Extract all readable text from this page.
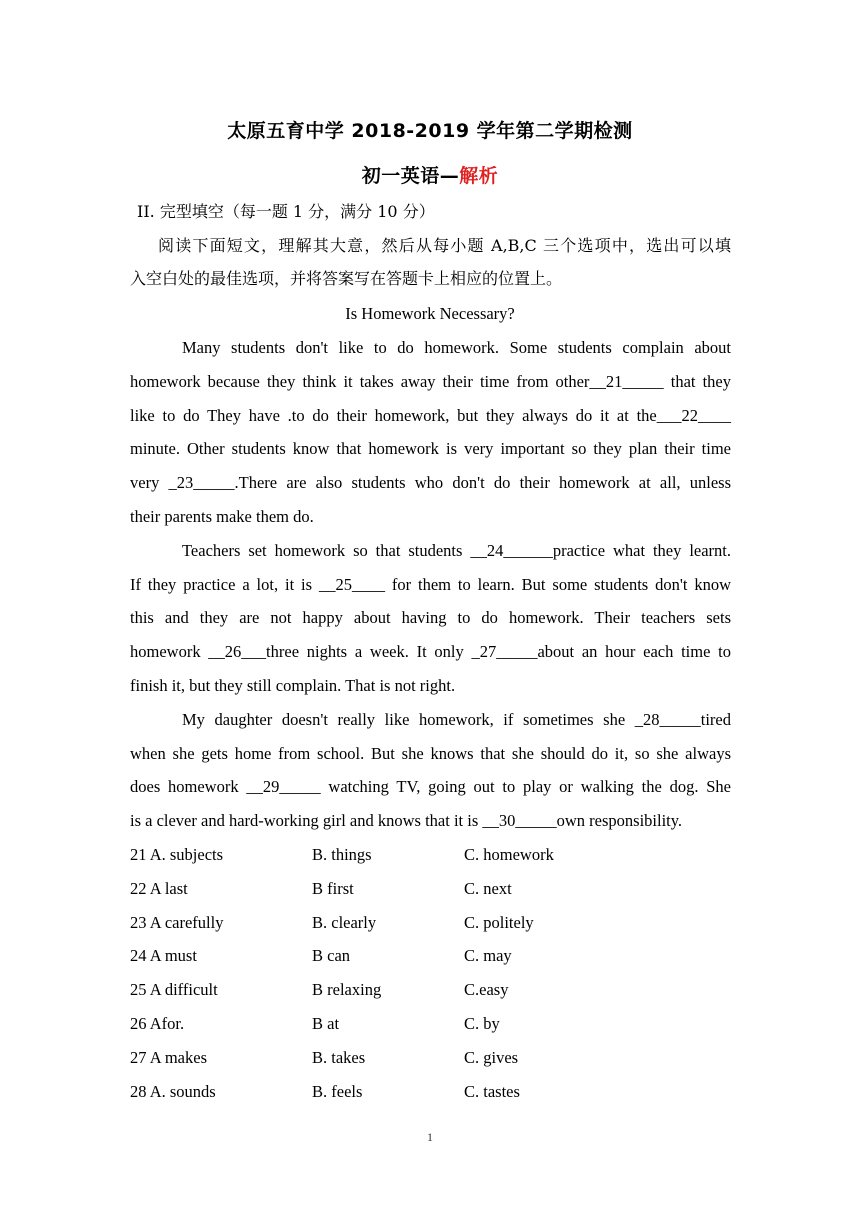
太原五育中学 2018-2019 学年第二学期检测
初一英语—解析
II. 完型填空（每一题 1 分，满分 10 分）
阅读下面短文，理解其大意，然后从每小题 A,B,C 三个选项中，选出可以填
入空白处的最佳选项，并将答案写在答题卡上相应的位置上。
Is Homework Necessary?
Many students don't like to do homework. Some students complain about
homework because they think it takes away their time from other__21_____ that they
like to do They have .to do their homework, but they always do it at the___22____
minute. Other students know that homework is very important so they plan their time
very _23_____.There are also students who don't do their homework at all, unless
their parents make them do.
Teachers set homework so that students __24______practice what they learnt.
If they practice a lot, it is __25____ for them to learn. But some students don't know
this and they are not happy about having to do homework. Their teachers sets
homework __26___three nights a week. It only _27_____about an hour each time to
finish it, but they still complain. That is not right.
My daughter doesn't really like homework, if sometimes she _28_____tired
when she gets home from school. But she knows that she should do it, so she always
does homework __29_____ watching TV, going out to play or walking the dog. She
is a clever and hard-working girl and knows that it is __30_____own responsibility.
21 A. subjects	B. things	C. homework
22 A last	B first	C. next
23 A carefully	B. clearly	C. politely
24 A must	B can	C. may
25 A difficult	B relaxing	C.easy
26 Afor.	B at	C. by
27 A makes	B. takes	C. gives
28 A. sounds	B. feels	C. tastes
1
